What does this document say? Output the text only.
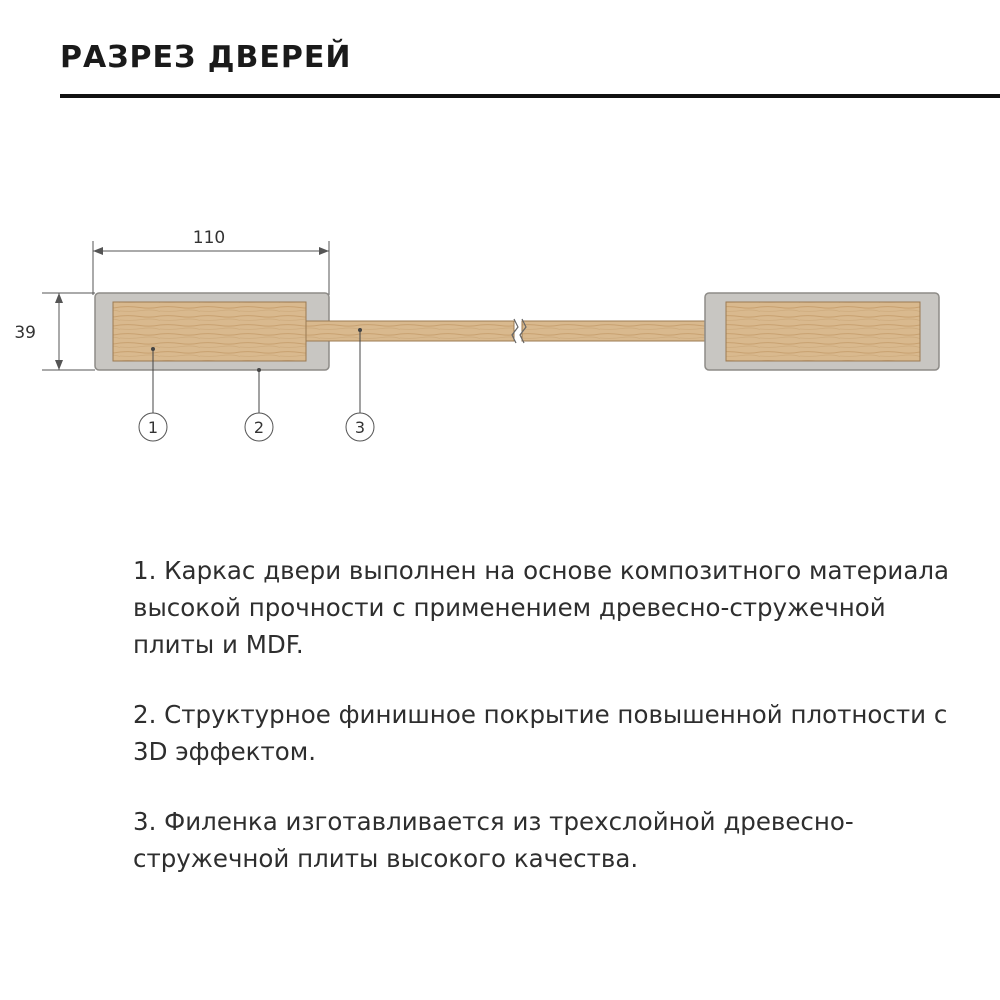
РАЗРЕЗ ДВЕРЕЙ
110
39
1	2	3

1. Каркас двери выполнен на основе композитного материала высокой прочности с применением древесно-стружечной плиты и MDF.

2. Структурное финишное покрытие повышенной плотности с 3D эффектом.

3. Филенка изготавливается из трехслойной древесно-стружечной плиты высокого качества.
